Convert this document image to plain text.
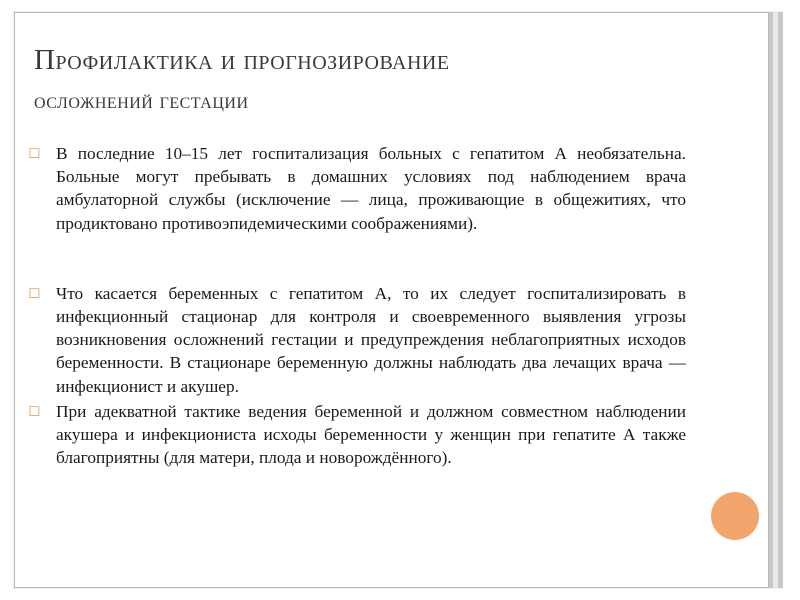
Профилактика и прогнозирование
осложнений гестации
◻ В последние 10–15 лет госпитализация больных с гепатитом А необязательна. Больные могут пребывать в домашних условиях под наблюдением врача амбулаторной службы (исключение — лица, проживающие в общежитиях, что продиктовано противоэпидемическими соображениями).
◻ Что касается беременных с гепатитом А, то их следует госпитализировать в инфекционный стационар для контроля и своевременного выявления угрозы возникновения осложнений гестации и предупреждения неблагоприятных исходов беременности. В стационаре беременную должны наблюдать два лечащих врача — инфекционист и акушер.
◻ При адекватной тактике ведения беременной и должном совместном наблюдении акушера и инфекциониста исходы беременности у женщин при гепатите А также благоприятны (для матери, плода и новорождённого).
